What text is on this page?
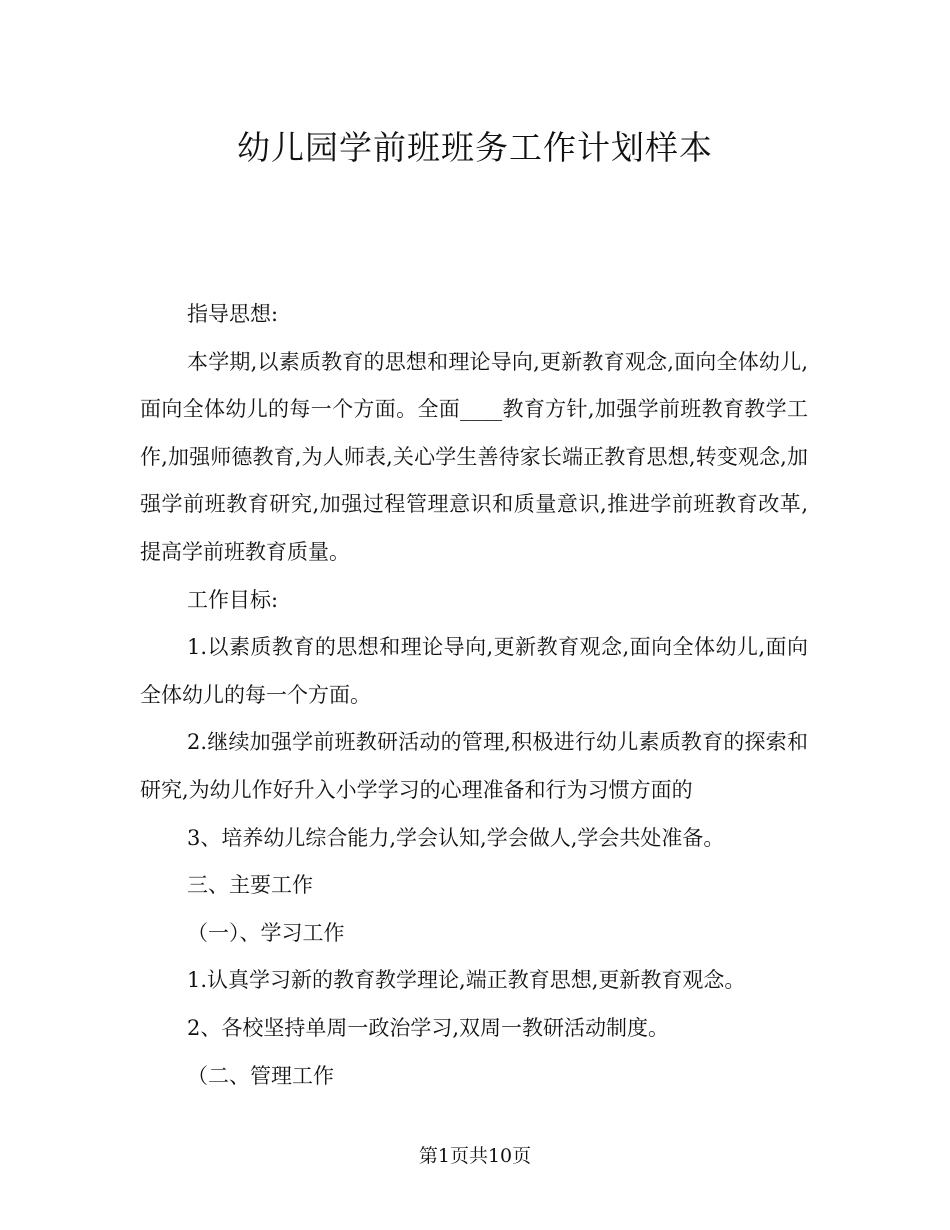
幼儿园学前班班务工作计划样本

指导思想:

本学期,以素质教育的思想和理论导向,更新教育观念,面向全体幼儿,面向全体幼儿的每一个方面。全面____教育方针,加强学前班教育教学工作,加强师德教育,为人师表,关心学生善待家长端正教育思想,转变观念,加强学前班教育研究,加强过程管理意识和质量意识,推进学前班教育改革,提高学前班教育质量。

工作目标:

1.以素质教育的思想和理论导向,更新教育观念,面向全体幼儿,面向全体幼儿的每一个方面。

2.继续加强学前班教研活动的管理,积极进行幼儿素质教育的探索和研究,为幼儿作好升入小学学习的心理准备和行为习惯方面的

3、培养幼儿综合能力,学会认知,学会做人,学会共处准备。

三、主要工作

（一）、学习工作

1.认真学习新的教育教学理论,端正教育思想,更新教育观念。

2、各校坚持单周一政治学习,双周一教研活动制度。

（二、管理工作

第1页共10页
